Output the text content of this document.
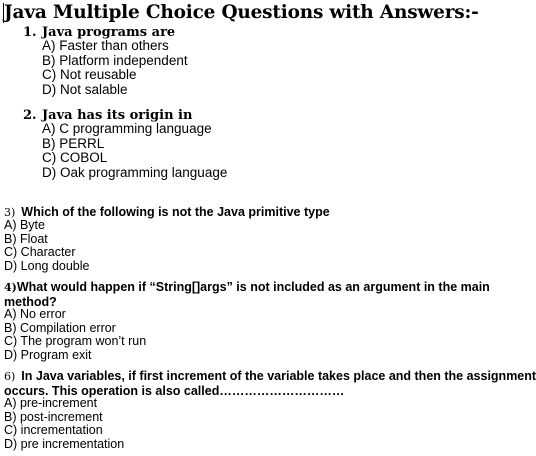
Java Multiple Choice Questions with Answers:-
1. Java programs are
A) Faster than others
B) Platform independent
C) Not reusable
D) Not salable
2. Java has its origin in
A) C programming language
B) PERRL
C) COBOL
D) Oak programming language
3) Which of the following is not the Java primitive type
A) Byte
B) Float
C) Character
D) Long double
4)What would happen if “String[]args” is not included as an argument in the main
method?
A) No error
B) Compilation error
C) The program won’t run
D) Program exit
6) In Java variables, if first increment of the variable takes place and then the assignment
occurs. This operation is also called…………………………
A) pre-increment
B) post-increment
C) incrementation
D) pre incrementation
